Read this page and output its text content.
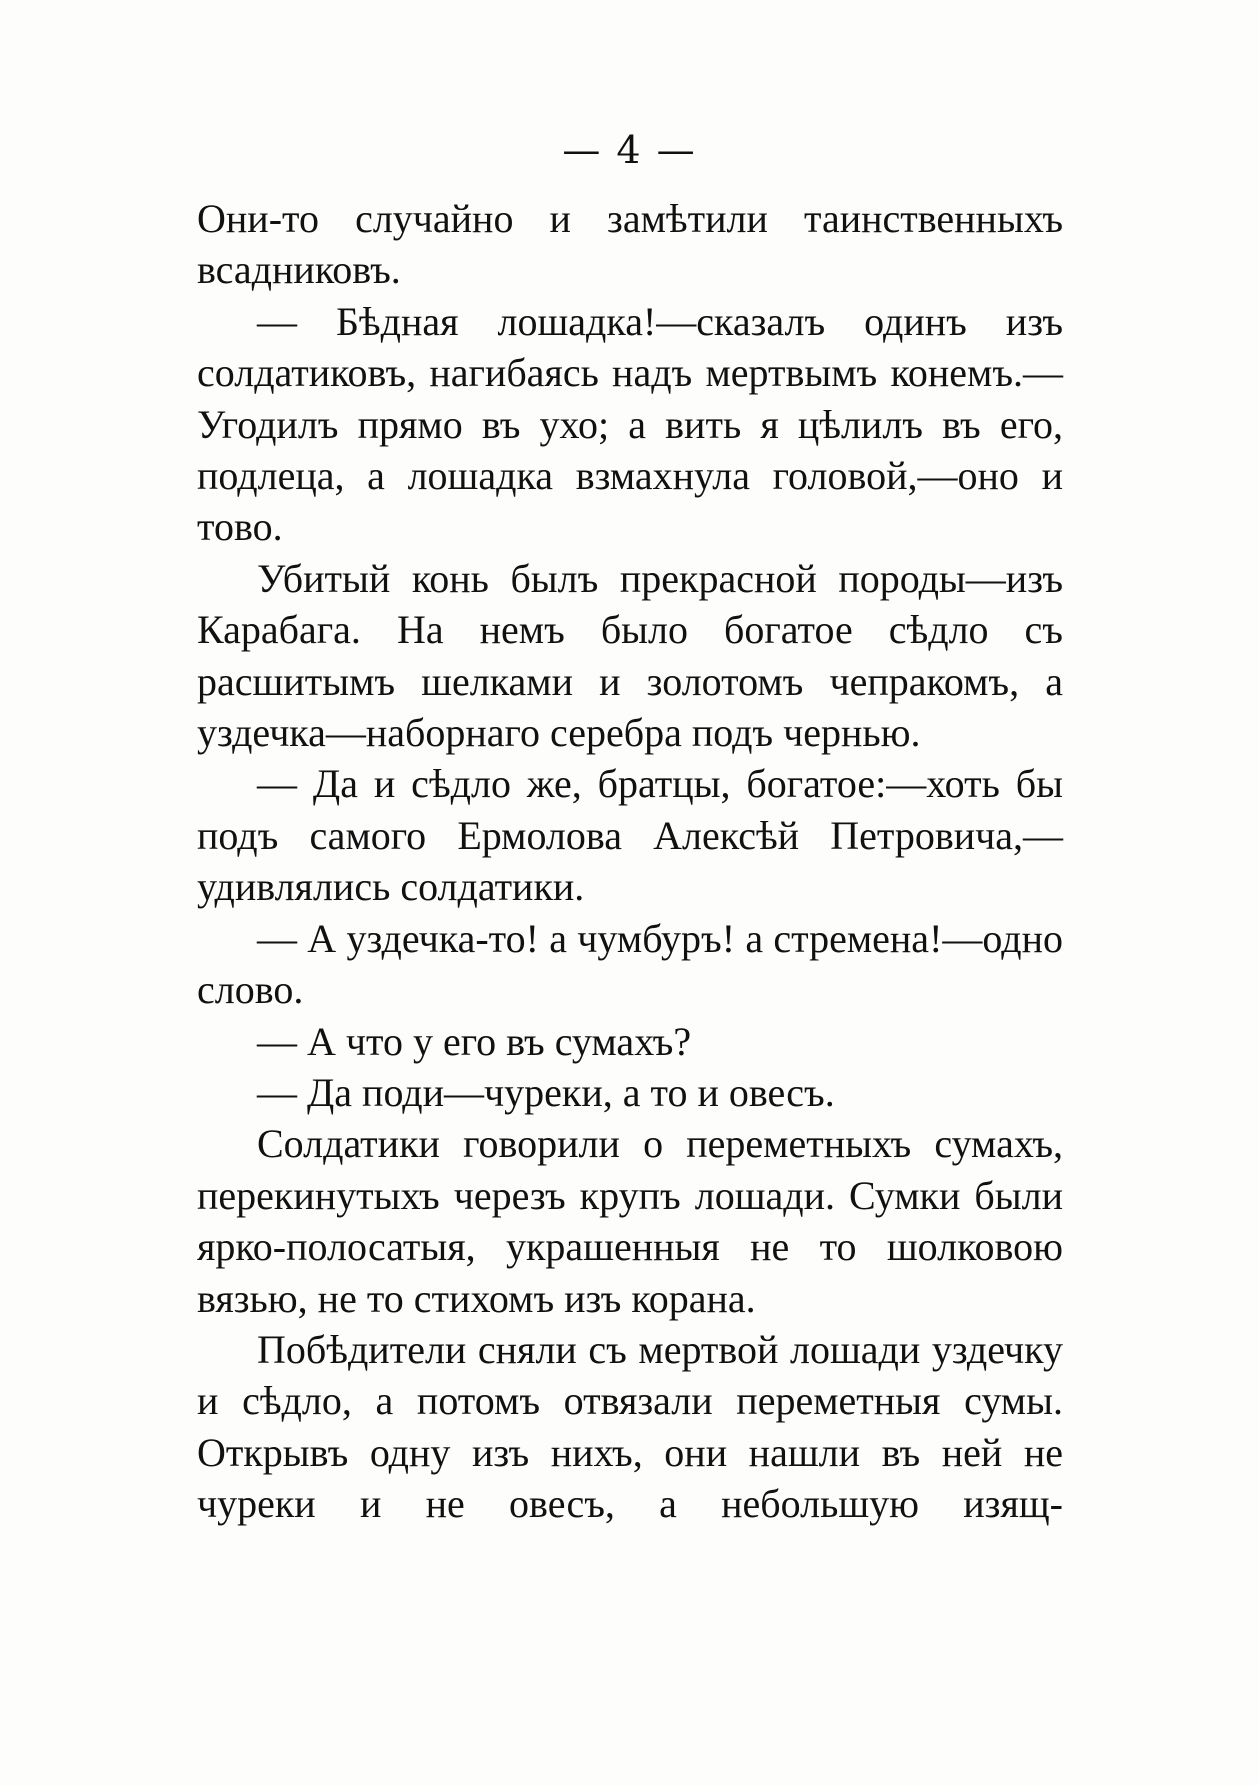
— 4 —

Они-то случайно и замѣтили таинственныхъ всадниковъ.

— Бѣдная лошадка!—сказалъ одинъ изъ солдатиковъ, нагибаясь надъ мертвымъ конемъ.—Угодилъ прямо въ ухо; а вить я цѣлилъ въ его, подлеца, а лошадка взмахнула головой,—оно и тово.

Убитый конь былъ прекрасной породы—изъ Карабага. На немъ было богатое сѣдло съ расшитымъ шелками и золотомъ чепракомъ, а уздечка—наборнаго серебра подъ чернью.

— Да и сѣдло же, братцы, богатое:—хоть бы подъ самого Ермолова Алексѣй Петровича,—удивлялись солдатики.

— А уздечка-то! а чумбуръ! а стремена!—одно слово.

— А что у его въ сумахъ?

— Да поди—чуреки, а то и овесъ.

Солдатики говорили о переметныхъ сумахъ, перекинутыхъ черезъ крупъ лошади. Сумки были ярко-полосатыя, украшенныя не то шолковою вязью, не то стихомъ изъ корана.

Побѣдители сняли съ мертвой лошади уздечку и сѣдло, а потомъ отвязали переметныя сумы. Открывъ одну изъ нихъ, они нашли въ ней не чуреки и не овесъ, а небольшую изящ-
